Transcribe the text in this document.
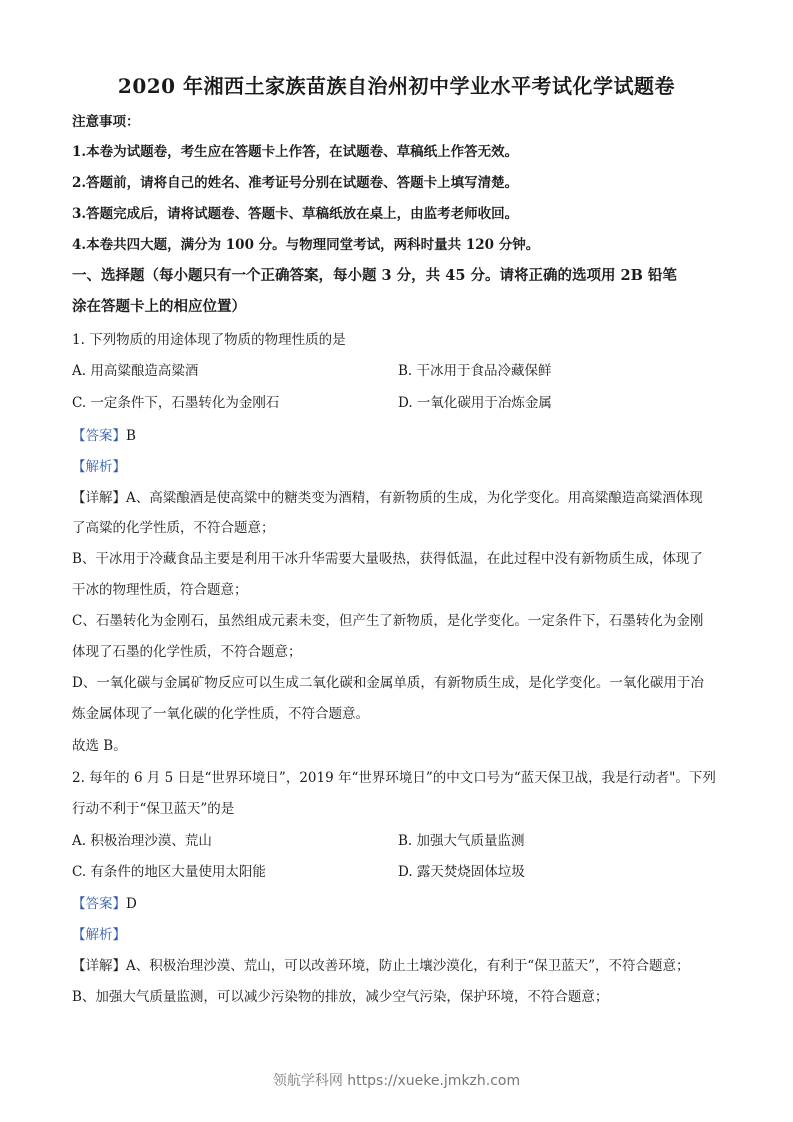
2020 年湘西土家族苗族自治州初中学业水平考试化学试题卷
注意事项：
1.本卷为试题卷，考生应在答题卡上作答，在试题卷、草稿纸上作答无效。
2.答题前，请将自己的姓名、准考证号分别在试题卷、答题卡上填写清楚。
3.答题完成后，请将试题卷、答题卡、草稿纸放在桌上，由监考老师收回。
4.本卷共四大题，满分为 100 分。与物理同堂考试，两科时量共 120 分钟。
一、选择题（每小题只有一个正确答案，每小题 3 分，共 45 分。请将正确的选项用 2B 铅笔
涂在答题卡上的相应位置）
1. 下列物质的用途体现了物质的物理性质的是
A. 用高粱酿造高粱酒	B. 干冰用于食品冷藏保鲜
C. 一定条件下，石墨转化为金刚石	D. 一氧化碳用于冶炼金属
【答案】B
【解析】
【详解】A、高粱酿酒是使高粱中的糖类变为酒精，有新物质的生成，为化学变化。用高粱酿造高粱酒体现
了高粱的化学性质，不符合题意；
B、干冰用于冷藏食品主要是利用干冰升华需要大量吸热，获得低温，在此过程中没有新物质生成，体现了
干冰的物理性质，符合题意；
C、石墨转化为金刚石，虽然组成元素未变，但产生了新物质，是化学变化。一定条件下，石墨转化为金刚
体现了石墨的化学性质，不符合题意；
D、一氧化碳与金属矿物反应可以生成二氧化碳和金属单质，有新物质生成，是化学变化。一氧化碳用于冶
炼金属体现了一氧化碳的化学性质，不符合题意。
故选 B。
2. 每年的 6 月 5 日是“世界环境日”，2019 年“世界环境日”的中文口号为“蓝天保卫战，我是行动者"。下列
行动不利于“保卫蓝天”的是
A. 积极治理沙漠、荒山	B. 加强大气质量监测
C. 有条件的地区大量使用太阳能	D. 露天焚烧固体垃圾
【答案】D
【解析】
【详解】A、积极治理沙漠、荒山，可以改善环境，防止土壤沙漠化，有利于“保卫蓝天”，不符合题意；
B、加强大气质量监测，可以减少污染物的排放，减少空气污染，保护环境，不符合题意；
领航学科网 https://xueke.jmkzh.com
